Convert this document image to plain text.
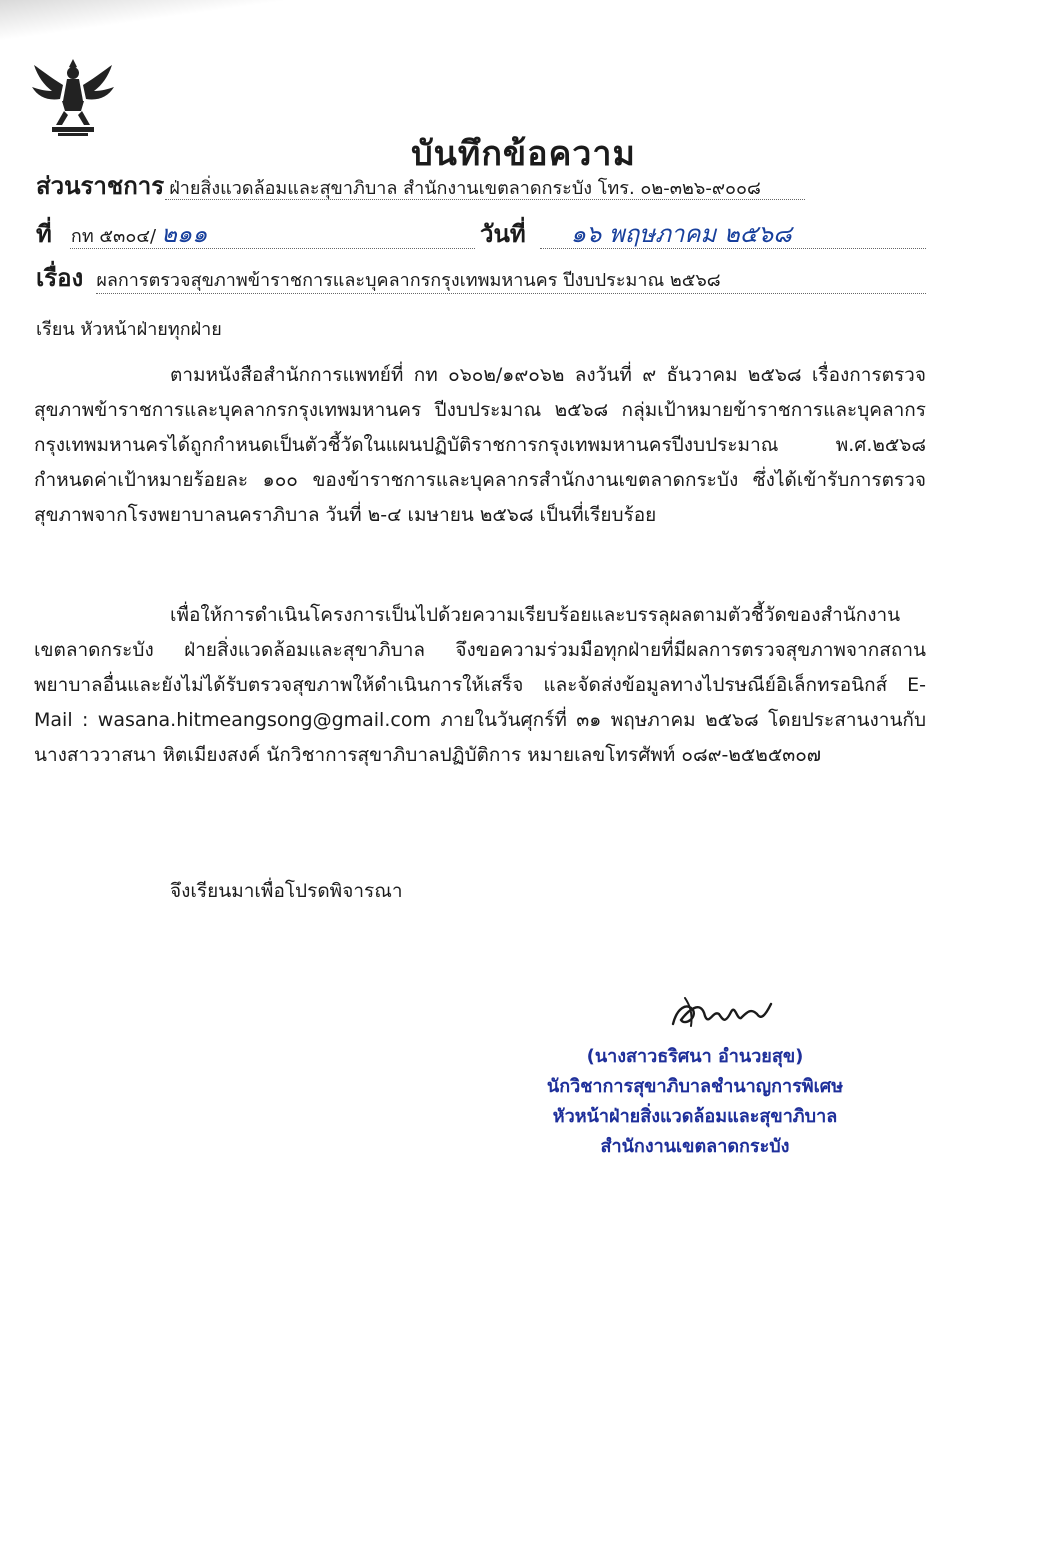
บันทึกข้อความ
ส่วนราชการ ฝ่ายสิ่งแวดล้อมและสุขาภิบาล สำนักงานเขตลาดกระบัง โทร. ๐๒-๓๒๖-๙๐๐๘
ที่ กท ๕๓๐๔/ ๒๑๑	วันที่ ๑๖ พฤษภาคม ๒๕๖๘
เรื่อง ผลการตรวจสุขภาพข้าราชการและบุคลากรกรุงเทพมหานคร ปีงบประมาณ ๒๕๖๘
เรียน หัวหน้าฝ่ายทุกฝ่าย

ตามหนังสือสำนักการแพทย์ที่ กท ๐๖๐๒/๑๙๐๖๒ ลงวันที่ ๙ ธันวาคม ๒๕๖๘ เรื่องการตรวจสุขภาพข้าราชการและบุคลากรกรุงเทพมหานคร ปีงบประมาณ ๒๕๖๘ กลุ่มเป้าหมายข้าราชการและบุคลากรกรุงเทพมหานครได้ถูกกำหนดเป็นตัวชี้วัดในแผนปฏิบัติราชการกรุงเทพมหานครปีงบประมาณ พ.ศ.๒๕๖๘ กำหนดค่าเป้าหมายร้อยละ ๑๐๐ ของข้าราชการและบุคลากรสำนักงานเขตลาดกระบัง ซึ่งได้เข้ารับการตรวจสุขภาพจากโรงพยาบาลนคราภิบาล วันที่ ๒-๔ เมษายน ๒๕๖๘ เป็นที่เรียบร้อย

เพื่อให้การดำเนินโครงการเป็นไปด้วยความเรียบร้อยและบรรลุผลตามตัวชี้วัดของสำนักงานเขตลาดกระบัง ฝ่ายสิ่งแวดล้อมและสุขาภิบาล จึงขอความร่วมมือทุกฝ่ายที่มีผลการตรวจสุขภาพจากสถานพยาบาลอื่นและยังไม่ได้รับตรวจสุขภาพให้ดำเนินการให้เสร็จ และจัดส่งข้อมูลทางไปรษณีย์อิเล็กทรอนิกส์ E-Mail : wasana.hitmeangsong@gmail.com ภายในวันศุกร์ที่ ๓๑ พฤษภาคม ๒๕๖๘ โดยประสานงานกับนางสาววาสนา หิตเมียงสงค์ นักวิชาการสุขาภิบาลปฏิบัติการ หมายเลขโทรศัพท์ ๐๘๙-๒๕๒๕๓๐๗

จึงเรียนมาเพื่อโปรดพิจารณา
(นางสาวธริศนา อำนวยสุข)
นักวิชาการสุขาภิบาลชำนาญการพิเศษ
หัวหน้าฝ่ายสิ่งแวดล้อมและสุขาภิบาล
สำนักงานเขตลาดกระบัง
